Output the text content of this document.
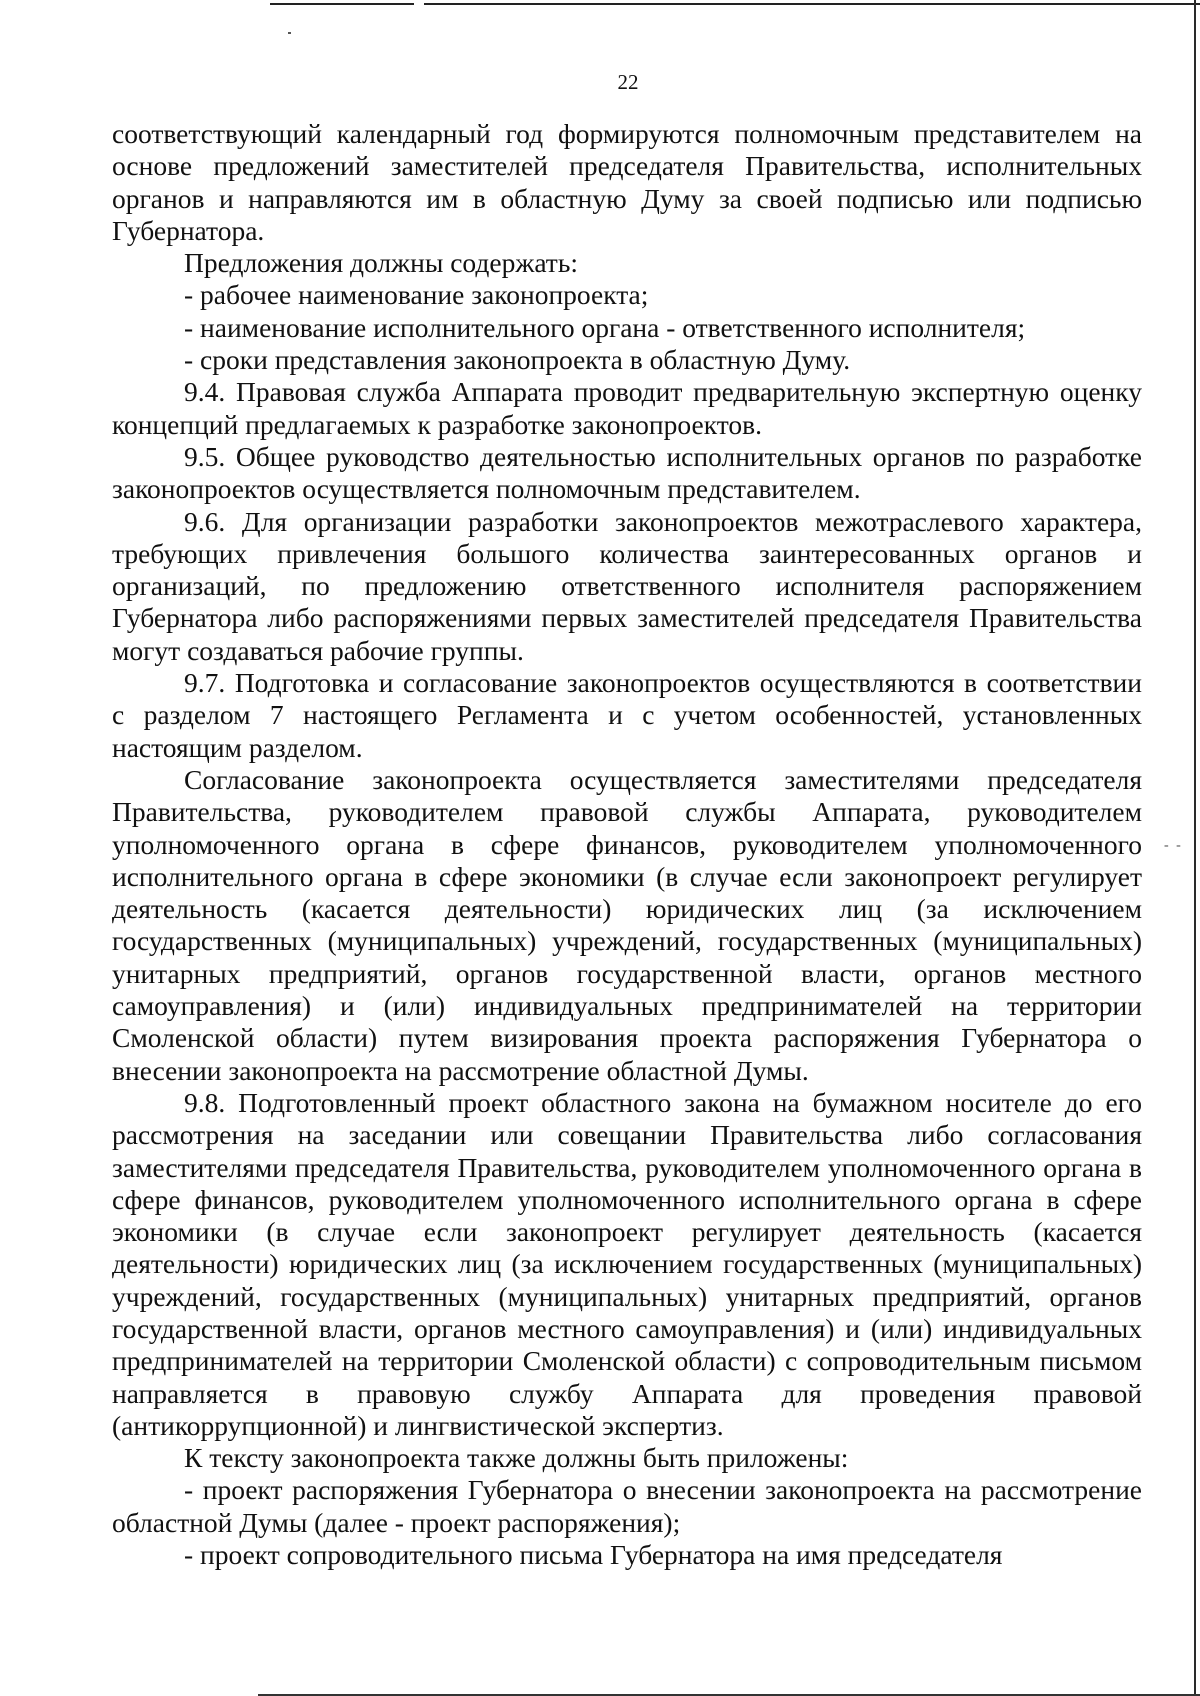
- -
22

соответствующий календарный год формируются полномочным представителем на основе предложений заместителей председателя Правительства, исполнительных органов и направляются им в областную Думу за своей подписью или подписью Губернатора.

Предложения должны содержать:

- рабочее наименование законопроекта;

- наименование исполнительного органа - ответственного исполнителя;

- сроки представления законопроекта в областную Думу.

9.4. Правовая служба Аппарата проводит предварительную экспертную оценку концепций предлагаемых к разработке законопроектов.

9.5. Общее руководство деятельностью исполнительных органов по разработке законопроектов осуществляется полномочным представителем.

9.6. Для организации разработки законопроектов межотраслевого характера, требующих привлечения большого количества заинтересованных органов и организаций, по предложению ответственного исполнителя распоряжением Губернатора либо распоряжениями первых заместителей председателя Правительства могут создаваться рабочие группы.

9.7. Подготовка и согласование законопроектов осуществляются в соответствии с разделом 7 настоящего Регламента и с учетом особенностей, установленных настоящим разделом.

Согласование законопроекта осуществляется заместителями председателя Правительства, руководителем правовой службы Аппарата, руководителем уполномоченного органа в сфере финансов, руководителем уполномоченного исполнительного органа в сфере экономики (в случае если законопроект регулирует деятельность (касается деятельности) юридических лиц (за исключением государственных (муниципальных) учреждений, государственных (муниципальных) унитарных предприятий, органов государственной власти, органов местного самоуправления) и (или) индивидуальных предпринимателей на территории Смоленской области) путем визирования проекта распоряжения Губернатора о внесении законопроекта на рассмотрение областной Думы.

9.8. Подготовленный проект областного закона на бумажном носителе до его рассмотрения на заседании или совещании Правительства либо согласования заместителями председателя Правительства, руководителем уполномоченного органа в сфере финансов, руководителем уполномоченного исполнительного органа в сфере экономики (в случае если законопроект регулирует деятельность (касается деятельности) юридических лиц (за исключением государственных (муниципальных) учреждений, государственных (муниципальных) унитарных предприятий, органов государственной власти, органов местного самоуправления) и (или) индивидуальных предпринимателей на территории Смоленской области) с сопроводительным письмом направляется в правовую службу Аппарата для проведения правовой (антикоррупционной) и лингвистической экспертиз.

К тексту законопроекта также должны быть приложены:

- проект распоряжения Губернатора о внесении законопроекта на рассмотрение областной Думы (далее - проект распоряжения);

- проект сопроводительного письма Губернатора на имя председателя
